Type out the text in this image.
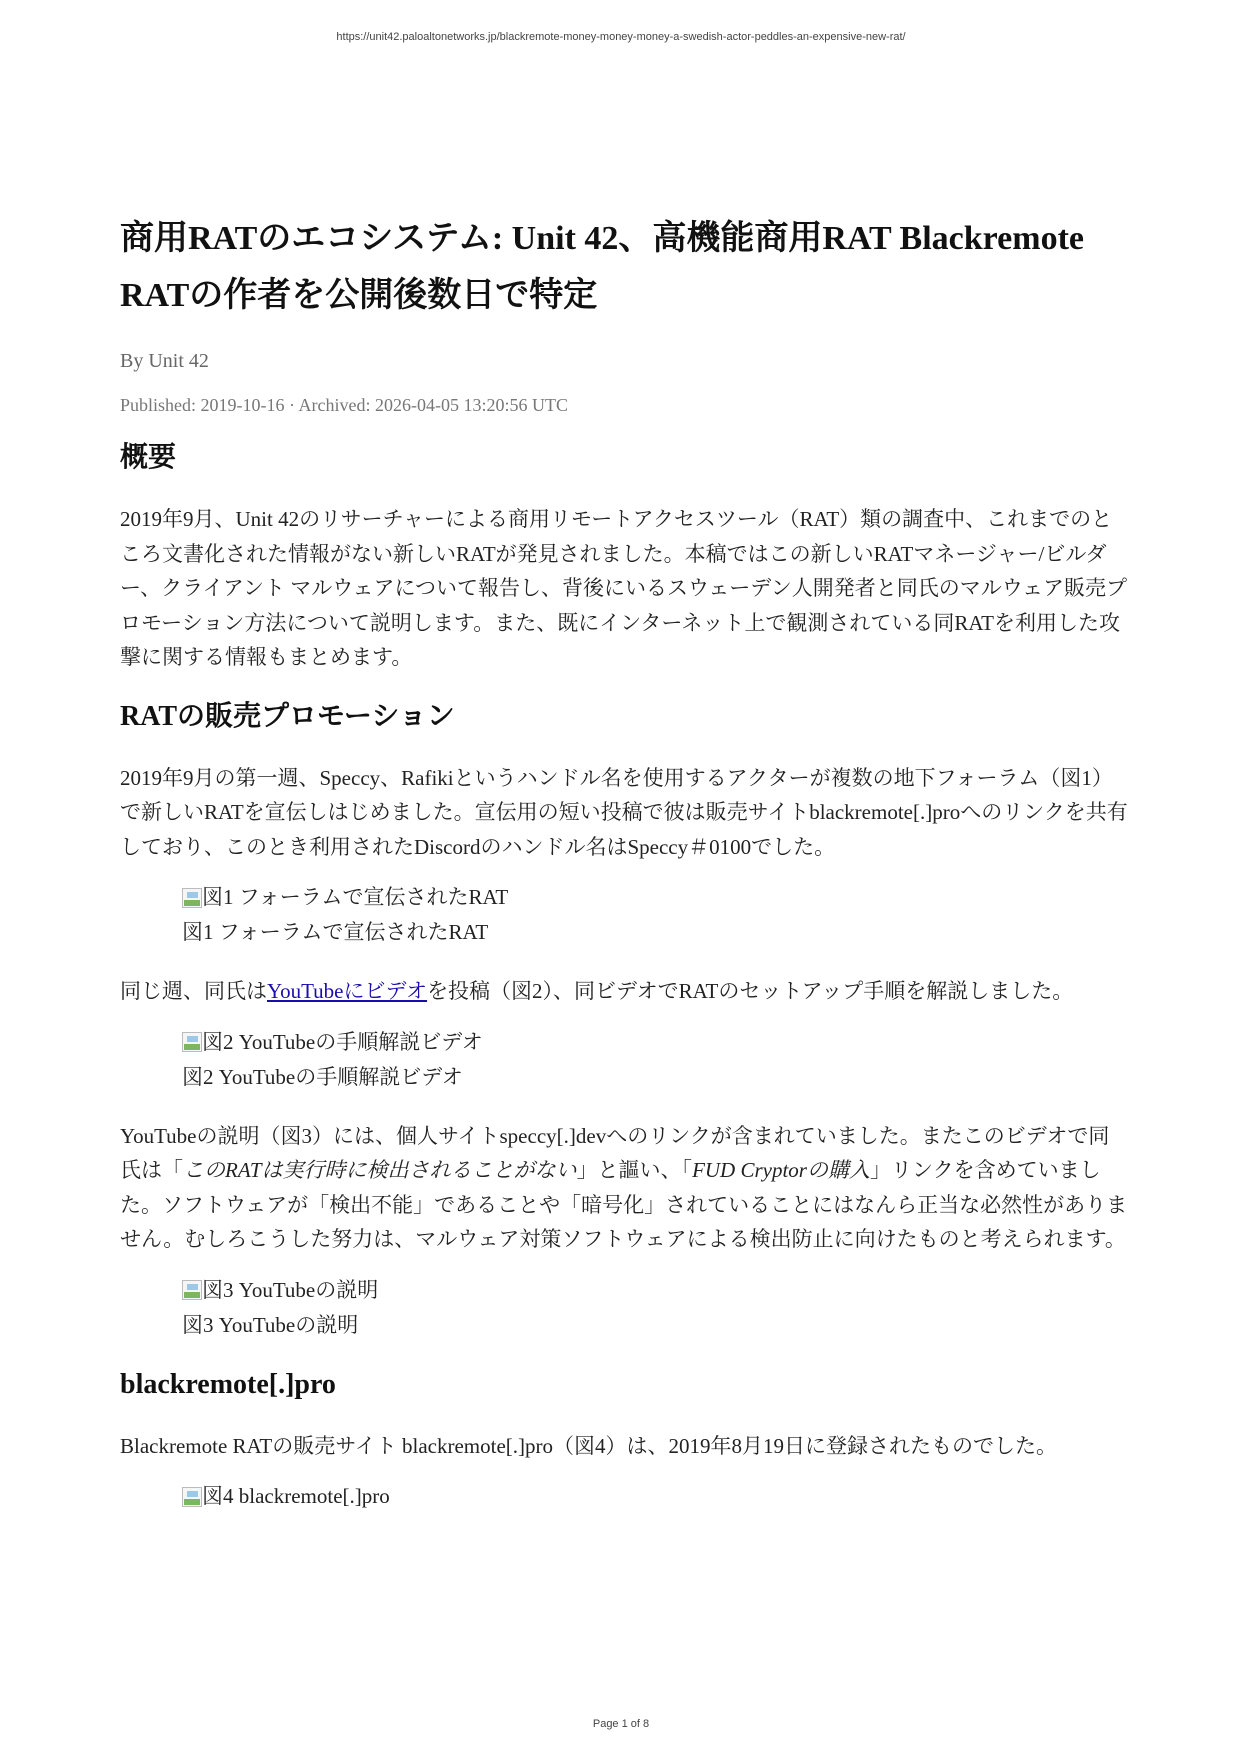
https://unit42.paloaltonetworks.jp/blackremote-money-money-money-a-swedish-actor-peddles-an-expensive-new-rat/
商用RATのエコシステム: Unit 42、高機能商用RAT Blackremote
RATの作者を公開後数日で特定
By Unit 42
Published: 2019-10-16 · Archived: 2026-04-05 13:20:56 UTC
概要

2019年9月、Unit 42のリサーチャーによる商用リモートアクセスツール（RAT）類の調査中、これまでのところ文書化された情報がない新しいRATが発見されました。本稿ではこの新しいRATマネージャー/ビルダー、クライアント マルウェアについて報告し、背後にいるスウェーデン人開発者と同氏のマルウェア販売プロモーション方法について説明します。また、既にインターネット上で観測されている同RATを利用した攻撃に関する情報もまとめます。

RATの販売プロモーション

2019年9月の第一週、Speccy、Rafikiというハンドル名を使用するアクターが複数の地下フォーラム（図1）で新しいRATを宣伝しはじめました。宣伝用の短い投稿で彼は販売サイトblackremote[.]proへのリンクを共有しており、このとき利用されたDiscordのハンドル名はSpeccy＃0100でした。

図1 フォーラムで宣伝されたRAT
図1 フォーラムで宣伝されたRAT

同じ週、同氏はYouTubeにビデオを投稿（図2）、同ビデオでRATのセットアップ手順を解説しました。

図2 YouTubeの手順解説ビデオ
図2 YouTubeの手順解説ビデオ

YouTubeの説明（図3）には、個人サイトspeccy[.]devへのリンクが含まれていました。またこのビデオで同氏は「このRATは実行時に検出されることがない」と謳い、「FUD Cryptorの購入」リンクを含めていました。ソフトウェアが「検出不能」であることや「暗号化」されていることにはなんら正当な必然性がありません。むしろこうした努力は、マルウェア対策ソフトウェアによる検出防止に向けたものと考えられます。

図3 YouTubeの説明
図3 YouTubeの説明
blackremote[.]pro

Blackremote RATの販売サイト blackremote[.]pro（図4）は、2019年8月19日に登録されたものでした。

図4 blackremote[.]pro
Page 1 of 8
